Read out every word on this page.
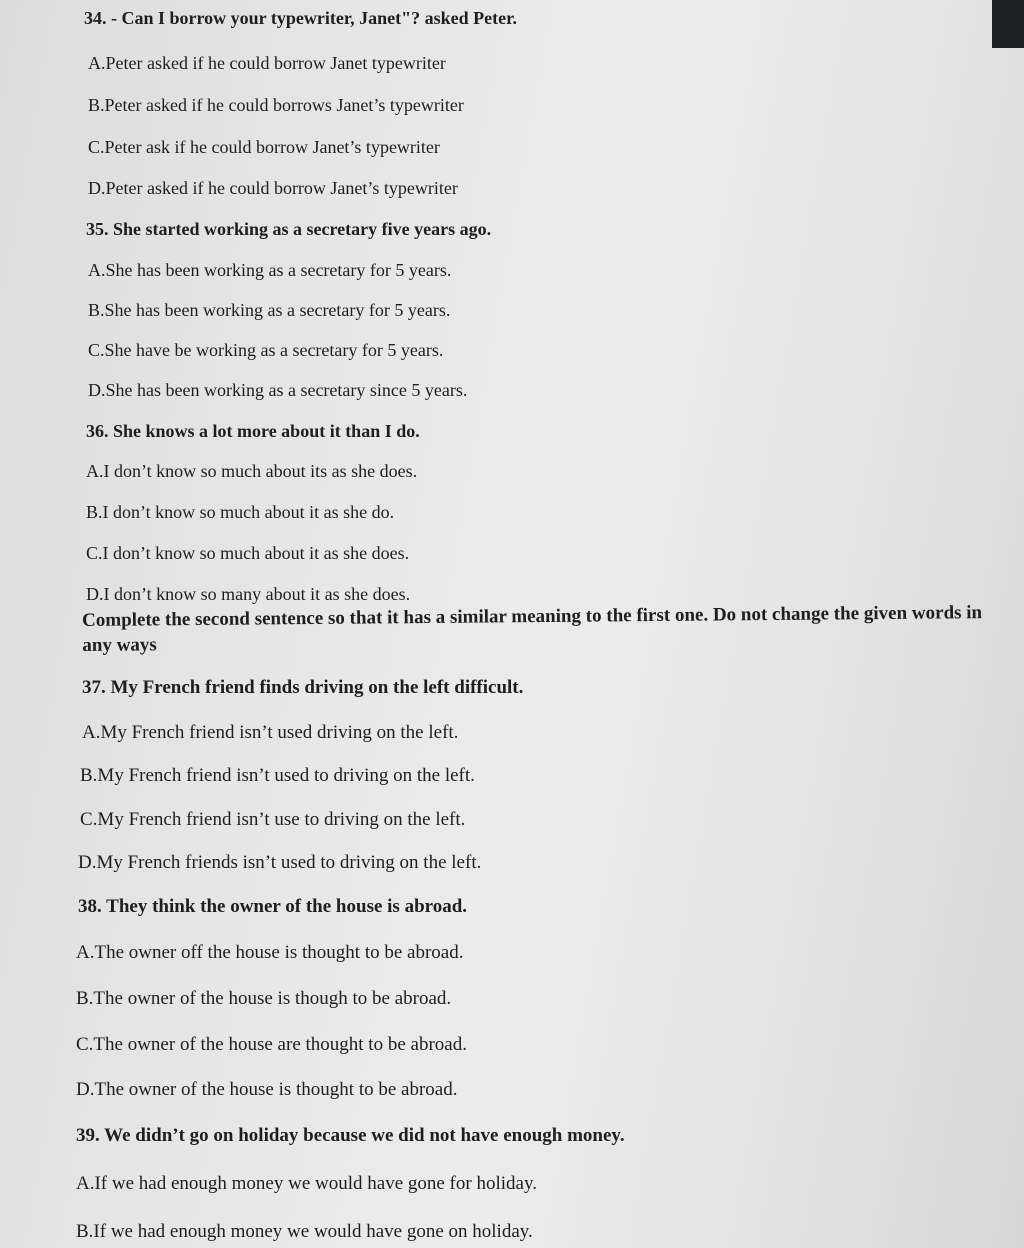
34. - Can I borrow your typewriter, Janet"? asked Peter.
A.Peter asked if he could borrow Janet typewriter
B.Peter asked if he could borrows Janet’s typewriter
C.Peter ask if he could borrow Janet’s typewriter
D.Peter asked if he could borrow Janet’s typewriter
35. She started working as a secretary five years ago.
A.She has been working as a secretary for 5 years.
B.She has been working as a secretary for 5 years.
C.She have be working as a secretary for 5 years.
D.She has been working as a secretary since 5 years.
36. She knows a lot more about it than I do.
A.I don’t know so much about its as she does.
B.I don’t know so much about it as she do.
C.I don’t know so much about it as she does.
D.I don’t know so many about it as she does.
Complete the second sentence so that it has a similar meaning to the first one. Do not change the given words in any ways
37. My French friend finds driving on the left difficult.
A.My French friend isn’t used driving on the left.
B.My French friend isn’t used to driving on the left.
C.My French friend isn’t use to driving on the left.
D.My French friends isn’t used to driving on the left.
38. They think the owner of the house is abroad.
A.The owner off the house is thought to be abroad.
B.The owner of the house is though to be abroad.
C.The owner of the house are thought to be abroad.
D.The owner of the house is thought to be abroad.
39. We didn’t go on holiday because we did not have enough money.
A.If we had enough money we would have gone for holiday.
B.If we had enough money we would have gone on holiday.
